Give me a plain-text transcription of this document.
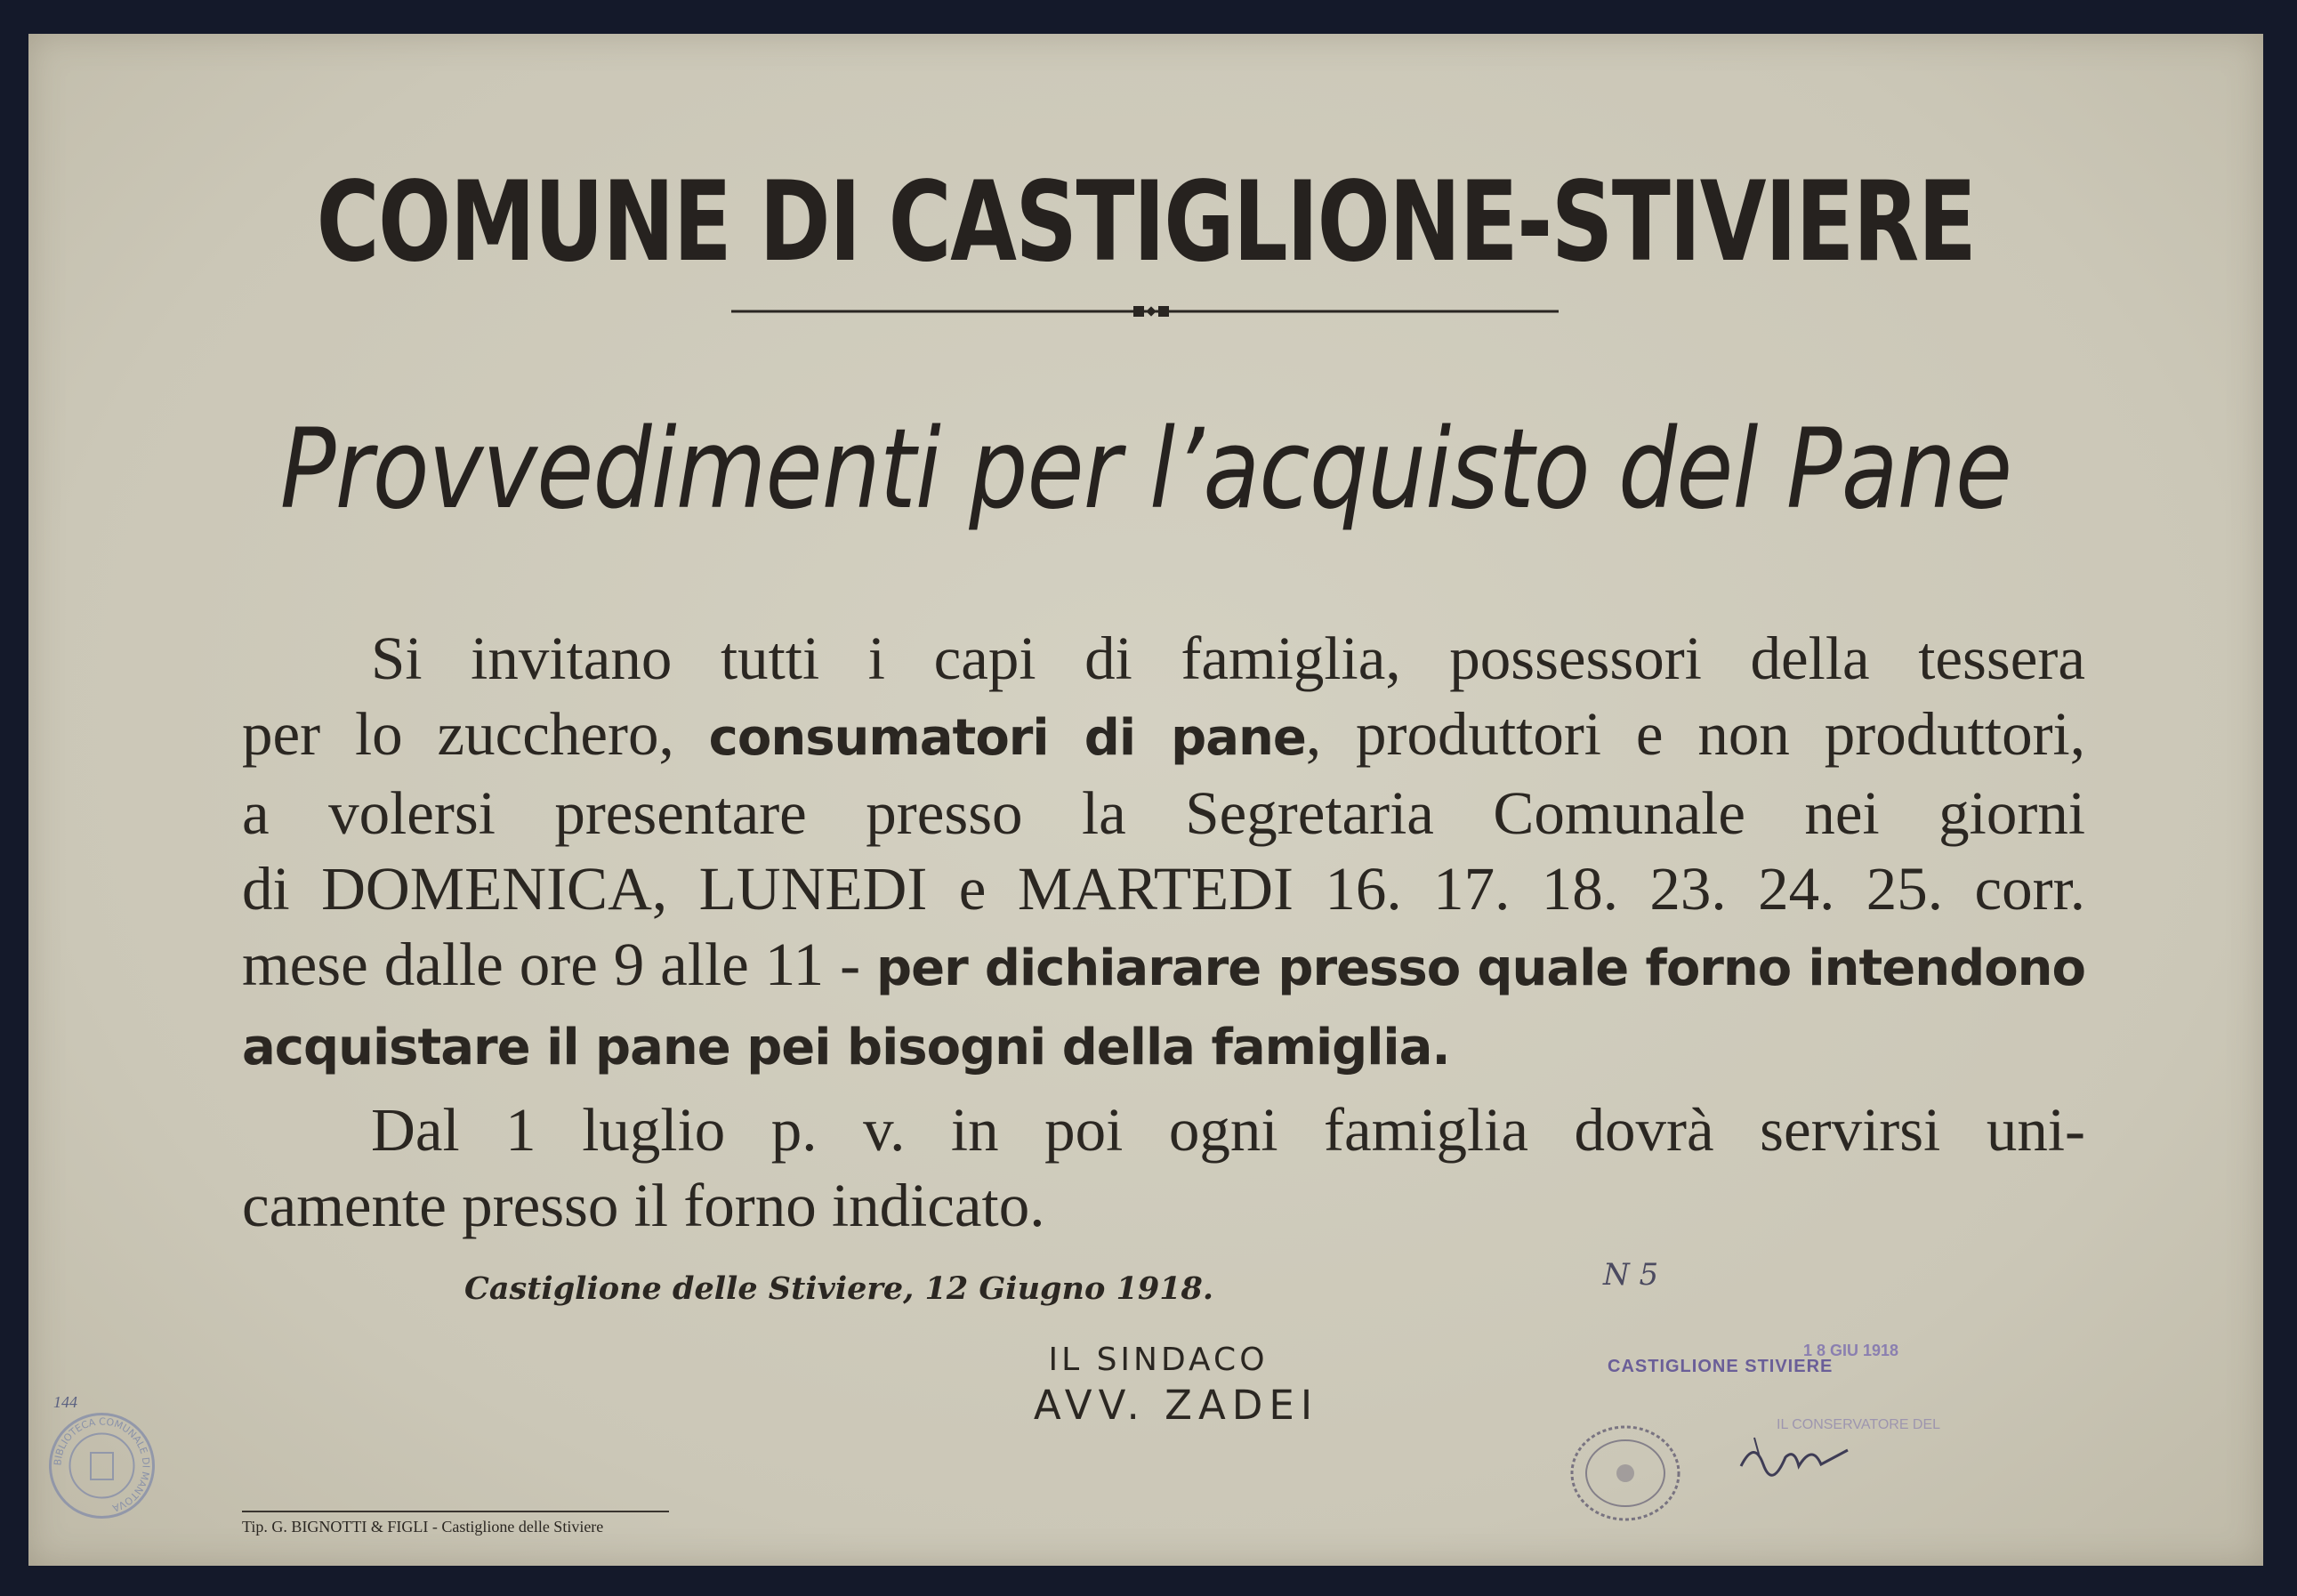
COMUNE DI CASTIGLIONE-STIVIERE
Provvedimenti per l’acquisto del Pane
Si invitano tutti i capi di famiglia, possessori della tessera
per lo zucchero, consumatori di pane, produttori e non produttori,
a volersi presentare presso la Segretaria Comunale nei giorni
di DOMENICA, LUNEDI e MARTEDI 16. 17. 18. 23. 24. 25. corr.
mese dalle ore 9 alle 11 - per dichiarare presso quale forno intendono
acquistare il pane pei bisogni della famiglia.
Dal 1 luglio p. v. in poi ogni famiglia dovrà servirsi uni-
camente presso il forno indicato.
Castiglione delle Stiviere, 12 Giugno 1918.	N 5
IL SINDACO
AVV. ZADEI
CASTIGLIONE STIVIERE
1 8 GIU 1918
IL CONSERVATORE DEL
Tip. G. BIGNOTTI & FIGLI - Castiglione delle Stiviere
144
BIBLIOTECA COMUNALE DI MANTOVA
